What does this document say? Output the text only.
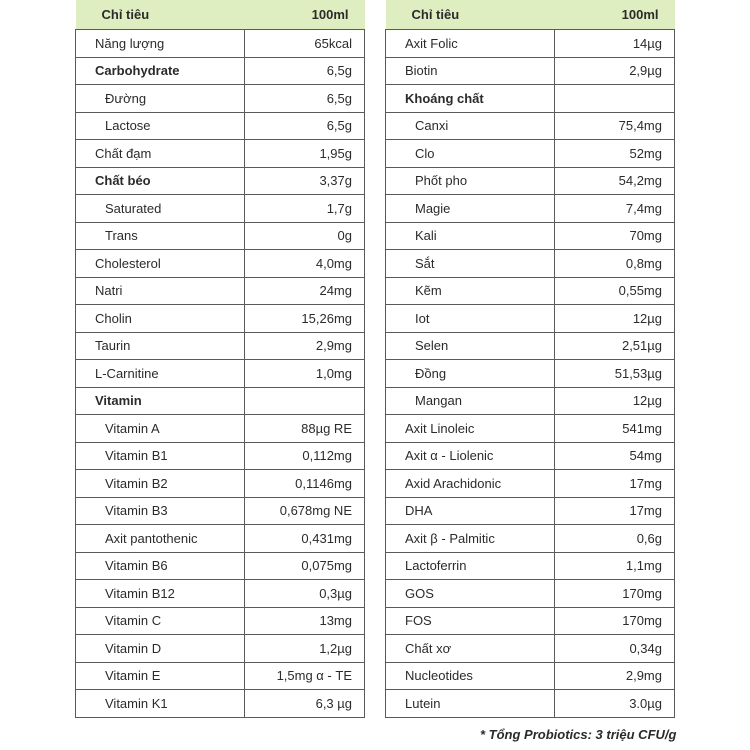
Chỉ tiêu	100ml
Năng lượng	65kcal
Carbohydrate	6,5g
Đường	6,5g
Lactose	6,5g
Chất đạm	1,95g
Chất béo	3,37g
Saturated	1,7g
Trans	0g
Cholesterol	4,0mg
Natri	24mg
Cholin	15,26mg
Taurin	2,9mg
L-Carnitine	1,0mg
Vitamin	
Vitamin A	88µg RE
Vitamin B1	0,112mg
Vitamin B2	0,1146mg
Vitamin B3	0,678mg NE
Axit pantothenic	0,431mg
Vitamin B6	0,075mg
Vitamin B12	0,3µg
Vitamin C	13mg
Vitamin D	1,2µg
Vitamin E	1,5mg α - TE
Vitamin K1	6,3 µg
Chỉ tiêu	100ml
Axit Folic	14µg
Biotin	2,9µg
Khoáng chất	
Canxi	75,4mg
Clo	52mg
Phốt pho	54,2mg
Magie	7,4mg
Kali	70mg
Sắt	0,8mg
Kẽm	0,55mg
Iot	12µg
Selen	2,51µg
Đồng	51,53µg
Mangan	12µg
Axit Linoleic	541mg
Axit α - Liolenic	54mg
Axid Arachidonic	17mg
DHA	17mg
Axit β - Palmitic	0,6g
Lactoferrin	1,1mg
GOS	170mg
FOS	170mg
Chất xơ	0,34g
Nucleotides	2,9mg
Lutein	3.0µg
* Tổng Probiotics: 3 triệu CFU/g
